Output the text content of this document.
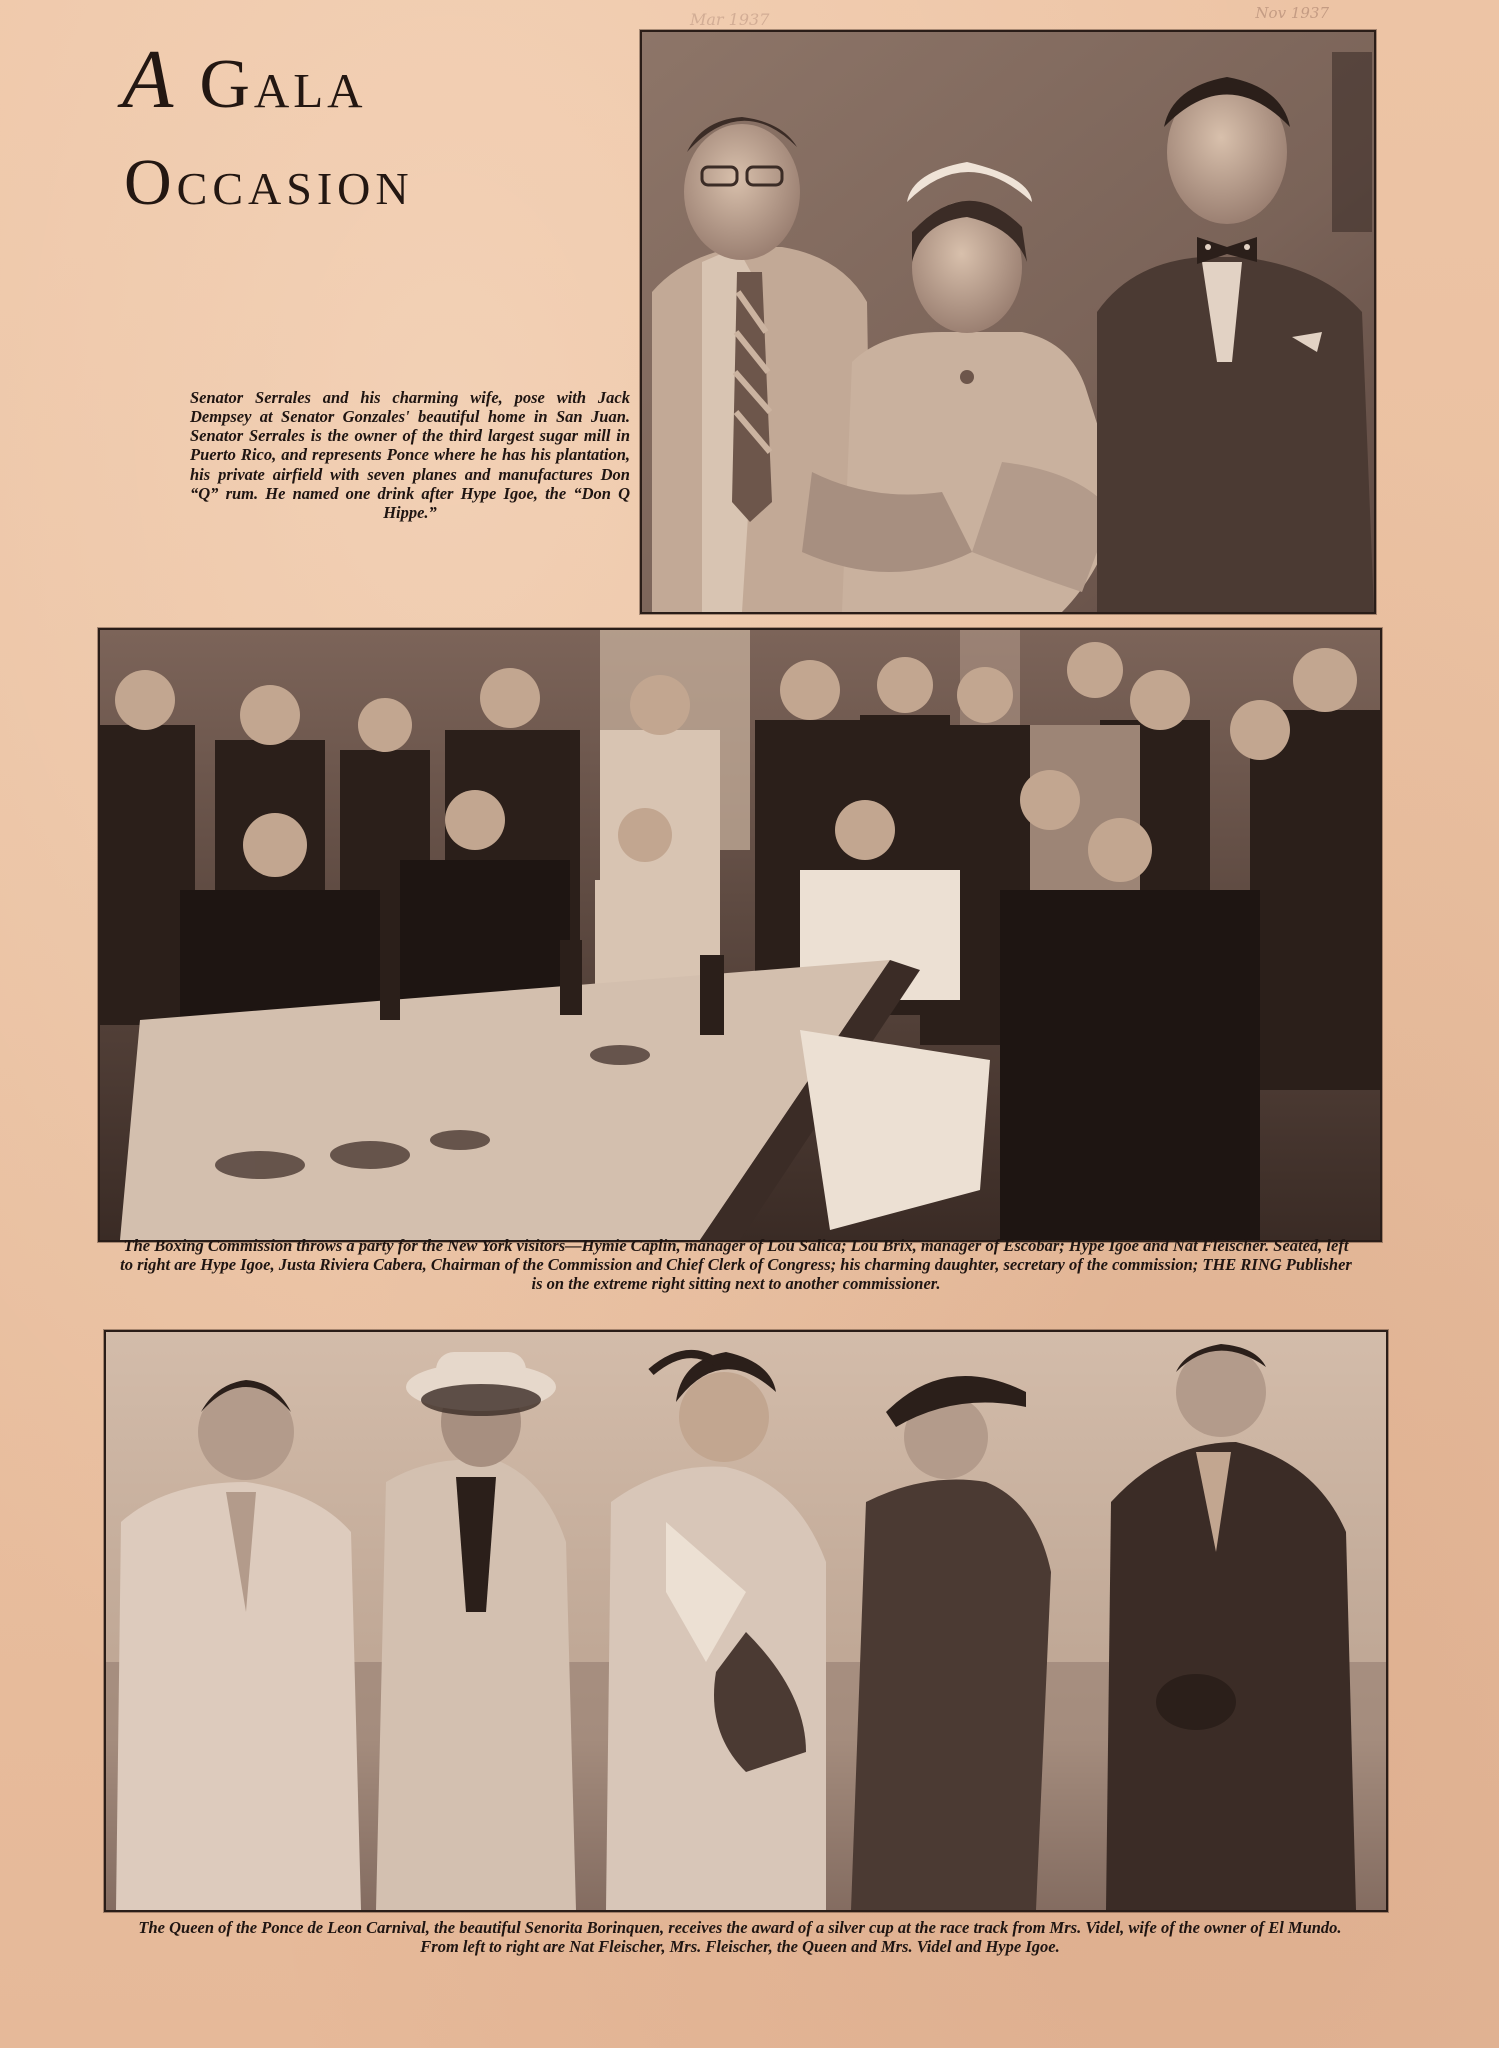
Mar 1937	Nov 1937
A Gala
Occasion
Senator Serrales and his charming wife, pose with Jack Dempsey at Senator Gonzales' beautiful home in San Juan. Senator Serrales is the owner of the third largest sugar mill in Puerto Rico, and represents Ponce where he has his plantation, his private airfield with seven planes and manufactures Don “Q” rum. He named one drink after Hype Igoe, the “Don Q Hippe.”
The Boxing Commission throws a party for the New York visitors—Hymie Caplin, manager of Lou Salica; Lou Brix, manager of Escobar; Hype Igoe and Nat Fleischer. Seated, left to right are Hype Igoe, Justa Riviera Cabera, Chairman of the Commission and Chief Clerk of Congress; his charming daughter, secretary of the commission; THE RING Publisher is on the extreme right sitting next to another commissioner.
The Queen of the Ponce de Leon Carnival, the beautiful Senorita Borinquen, receives the award of a silver cup at the race track from Mrs. Videl, wife of the owner of El Mundo. From left to right are Nat Fleischer, Mrs. Fleischer, the Queen and Mrs. Videl and Hype Igoe.
